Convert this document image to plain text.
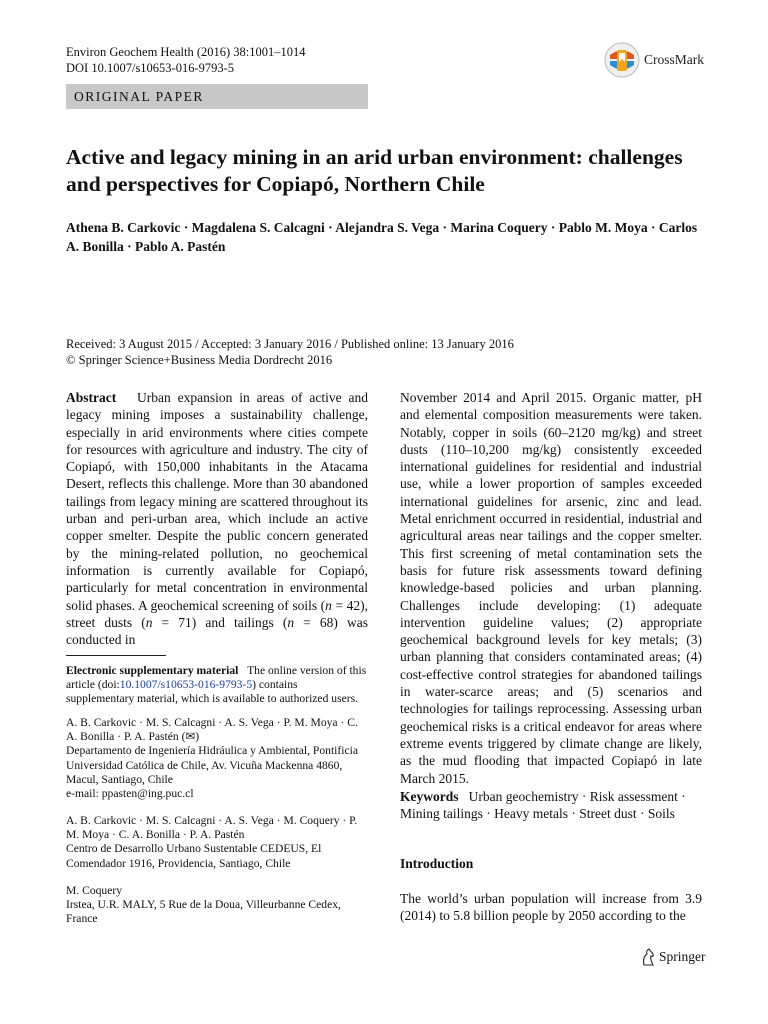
Environ Geochem Health (2016) 38:1001–1014
DOI 10.1007/s10653-016-9793-5
CrossMark
ORIGINAL PAPER
Active and legacy mining in an arid urban environment: challenges and perspectives for Copiapó, Northern Chile

Athena B. Carkovic · Magdalena S. Calcagni · Alejandra S. Vega · Marina Coquery · Pablo M. Moya · Carlos A. Bonilla · Pablo A. Pastén

Received: 3 August 2015 / Accepted: 3 January 2016 / Published online: 13 January 2016
© Springer Science+Business Media Dordrecht 2016

Abstract Urban expansion in areas of active and legacy mining imposes a sustainability challenge, especially in arid environments where cities compete for resources with agriculture and industry. The city of Copiapó, with 150,000 inhabitants in the Atacama Desert, reflects this challenge. More than 30 abandoned tailings from legacy mining are scattered throughout its urban and peri-urban area, which include an active copper smelter. Despite the public concern generated by the mining-related pollution, no geochemical information is currently available for Copiapó, particularly for metal concentration in environmental solid phases. A geochemical screening of soils (n = 42), street dusts (n = 71) and tailings (n = 68) was conducted in

Electronic supplementary material The online version of this article (doi:10.1007/s10653-016-9793-5) contains supplementary material, which is available to authorized users.

A. B. Carkovic · M. S. Calcagni · A. S. Vega · P. M. Moya · C. A. Bonilla · P. A. Pastén (✉)
Departamento de Ingeniería Hidráulica y Ambiental, Pontificia Universidad Católica de Chile, Av. Vicuña Mackenna 4860, Macul, Santiago, Chile
e-mail: ppasten@ing.puc.cl
A. B. Carkovic · M. S. Calcagni · A. S. Vega · M. Coquery · P. M. Moya · C. A. Bonilla · P. A. Pastén
Centro de Desarrollo Urbano Sustentable CEDEUS, El Comendador 1916, Providencia, Santiago, Chile
M. Coquery
Irstea, U.R. MALY, 5 Rue de la Doua, Villeurbanne Cedex, France

November 2014 and April 2015. Organic matter, pH and elemental composition measurements were taken. Notably, copper in soils (60–2120 mg/kg) and street dusts (110–10,200 mg/kg) consistently exceeded international guidelines for residential and industrial use, while a lower proportion of samples exceeded international guidelines for arsenic, zinc and lead. Metal enrichment occurred in residential, industrial and agricultural areas near tailings and the copper smelter. This first screening of metal contamination sets the basis for future risk assessments toward defining knowledge-based policies and urban planning. Challenges include developing: (1) adequate intervention guideline values; (2) appropriate geochemical background levels for key metals; (3) urban planning that considers contaminated areas; (4) cost-effective control strategies for abandoned tailings in water-scarce areas; and (5) scenarios and technologies for tailings reprocessing. Assessing urban geochemical risks is a critical endeavor for areas where extreme events triggered by climate change are likely, as the mud flooding that impacted Copiapó in late March 2015.

Keywords Urban geochemistry · Risk assessment · Mining tailings · Heavy metals · Street dust · Soils

Introduction

The world’s urban population will increase from 3.9 (2014) to 5.8 billion people by 2050 according to the

Springer
